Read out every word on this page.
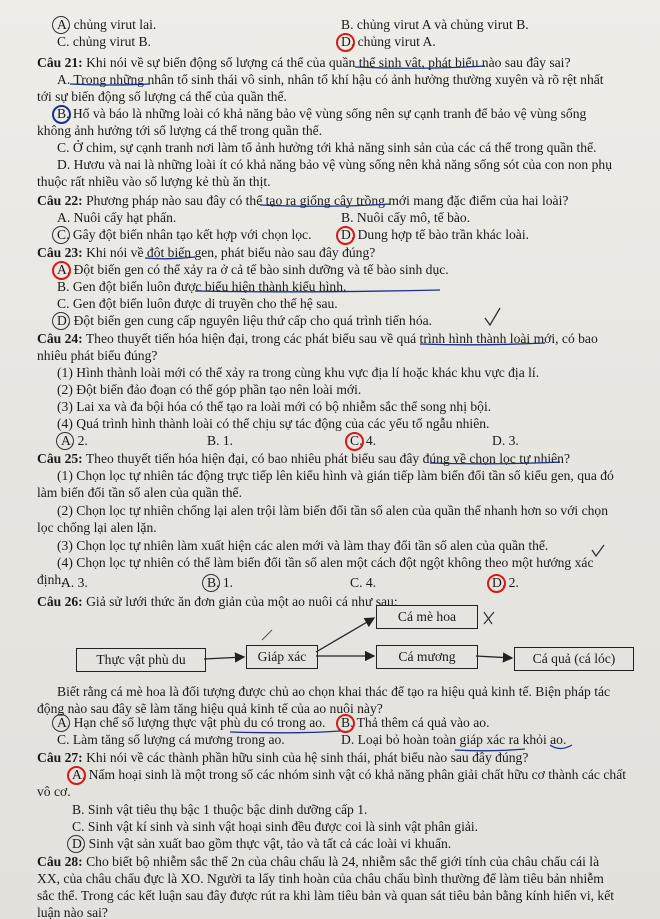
A. chủng virut lai.	B. chủng virut A và chủng virut B.
C. chủng virut B.	D. chủng virut A.
Câu 21: Khi nói về sự biến động số lượng cá thể của quần thể sinh vật, phát biểu nào sau đây sai?
A. Trong những nhân tố sinh thái vô sinh, nhân tố khí hậu có ảnh hưởng thường xuyên và rõ rệt nhất
tới sự biến động số lượng cá thể của quần thể.
B. Hổ và báo là những loài có khả năng bảo vệ vùng sống nên sự cạnh tranh để bảo vệ vùng sống
không ảnh hưởng tới số lượng cá thể trong quần thể.
C. Ở chim, sự cạnh tranh nơi làm tổ ảnh hưởng tới khả năng sinh sản của các cá thể trong quần thể.
D. Hươu và nai là những loài ít có khả năng bảo vệ vùng sống nên khả năng sống sót của con non phụ
thuộc rất nhiều vào số lượng kẻ thù ăn thịt.
Câu 22: Phương pháp nào sau đây có thể tạo ra giống cây trồng mới mang đặc điểm của hai loài?
A. Nuôi cấy hạt phấn.	B. Nuôi cấy mô, tế bào.
C. Gây đột biến nhân tạo kết hợp với chọn lọc. D. Dung hợp tế bào trần khác loài.
Câu 23: Khi nói về đột biến gen, phát biểu nào sau đây đúng?
A. Đột biến gen có thể xảy ra ở cả tế bào sinh dưỡng và tế bào sinh dục.
B. Gen đột biến luôn được biểu hiện thành kiểu hình.
C. Gen đột biến luôn được di truyền cho thế hệ sau.
D. Đột biến gen cung cấp nguyên liệu thứ cấp cho quá trình tiến hóa.
Câu 24: Theo thuyết tiến hóa hiện đại, trong các phát biểu sau về quá trình hình thành loài mới, có bao
nhiêu phát biểu đúng?
(1) Hình thành loài mới có thể xảy ra trong cùng khu vực địa lí hoặc khác khu vực địa lí.
(2) Đột biến đảo đoạn có thể góp phần tạo nên loài mới.
(3) Lai xa và đa bội hóa có thể tạo ra loài mới có bộ nhiễm sắc thể song nhị bội.
(4) Quá trình hình thành loài có thể chịu sự tác động của các yếu tố ngẫu nhiên.
A. 2.	B. 1.	C. 4.	D. 3.
Câu 25: Theo thuyết tiến hóa hiện đại, có bao nhiêu phát biểu sau đây đúng về chọn lọc tự nhiên?
(1) Chọn lọc tự nhiên tác động trực tiếp lên kiểu hình và gián tiếp làm biến đổi tần số kiểu gen, qua đó
làm biến đổi tần số alen của quần thể.
(2) Chọn lọc tự nhiên chống lại alen trội làm biến đổi tần số alen của quần thể nhanh hơn so với chọn
lọc chống lại alen lặn.
(3) Chọn lọc tự nhiên làm xuất hiện các alen mới và làm thay đổi tần số alen của quần thể.
(4) Chọn lọc tự nhiên có thể làm biến đổi tần số alen một cách đột ngột không theo một hướng xác
định.
A. 3.	B. 1.	C. 4.	D. 2.
Câu 26: Giả sử lưới thức ăn đơn giản của một ao nuôi cá như sau:
Cá mè hoa
Thực vật phù du	Giáp xác	Cá mương	Cá quả (cá lóc)
Biết rằng cá mè hoa là đối tượng được chủ ao chọn khai thác để tạo ra hiệu quả kinh tế. Biện pháp tác
động nào sau đây sẽ làm tăng hiệu quả kinh tế của ao nuôi này?
A. Hạn chế số lượng thực vật phù du có trong ao. B. Thả thêm cá quả vào ao.
C. Làm tăng số lượng cá mương trong ao.	D. Loại bỏ hoàn toàn giáp xác ra khỏi ao.
Câu 27: Khi nói về các thành phần hữu sinh của hệ sinh thái, phát biểu nào sau đây đúng?
A. Nấm hoại sinh là một trong số các nhóm sinh vật có khả năng phân giải chất hữu cơ thành các chất
vô cơ.
B. Sinh vật tiêu thụ bậc 1 thuộc bậc dinh dưỡng cấp 1.
C. Sinh vật kí sinh và sinh vật hoại sinh đều được coi là sinh vật phân giải.
D. Sinh vật sản xuất bao gồm thực vật, tảo và tất cả các loài vi khuẩn.
Câu 28: Cho biết bộ nhiễm sắc thể 2n của châu chấu là 24, nhiễm sắc thể giới tính của châu chấu cái là
XX, của châu chấu đực là XO. Người ta lấy tinh hoàn của châu chấu bình thường để làm tiêu bản nhiễm
sắc thể. Trong các kết luận sau đây được rút ra khi làm tiêu bản và quan sát tiêu bản bằng kính hiển vi, kết
luận nào sai?
